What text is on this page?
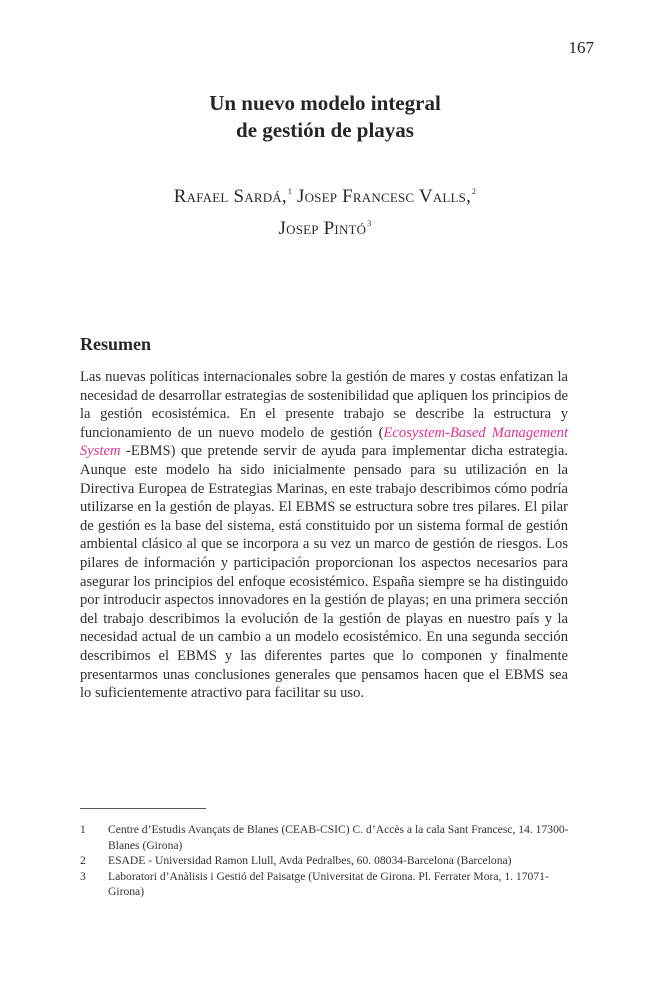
167
Un nuevo modelo integral
de gestión de playas
Rafael Sardá,$^1$ Josep Francesc Valls,$^2$
Josep Pintó$^3$
Resumen

Las nuevas políticas internacionales sobre la gestión de mares y costas enfatizan la necesidad de desarrollar estrategias de sostenibilidad que apliquen los principios de la gestión ecosistémica. En el presente trabajo se describe la estructura y funcionamiento de un nuevo modelo de gestión (Ecosystem-Based Management System -EBMS) que pretende servir de ayuda para implementar dicha estrategia. Aunque este modelo ha sido inicialmente pensado para su utilización en la Directiva Europea de Estrategias Marinas, en este trabajo describimos cómo podría utilizarse en la gestión de playas. El EBMS se estructura sobre tres pilares. El pilar de gestión es la base del sistema, está constituido por un sistema formal de gestión ambiental clásico al que se incorpora a su vez un marco de gestión de riesgos. Los pilares de información y participación proporcionan los aspectos necesarios para asegurar los principios del enfoque ecosistémico. España siempre se ha distinguido por introducir aspectos innovadores en la gestión de playas; en una primera sección del trabajo describimos la evolución de la gestión de playas en nuestro país y la necesidad actual de un cambio a un modelo ecosistémico. En una segunda sección describimos el EBMS y las diferentes partes que lo componen y finalmente presentarmos unas conclusiones generales que pensamos hacen que el EBMS sea lo suficientemente atractivo para facilitar su uso.

1 Centre d’Estudis Avançats de Blanes (CEAB-CSIC) C. d’Accès a la cala Sant Francesc, 14. 17300-Blanes (Girona)
2 ESADE - Universidad Ramon Llull, Avda Pedralbes, 60. 08034-Barcelona (Barcelona)
3 Laboratori d’Anàlisis i Gestió del Paisatge (Universitat de Girona. Pl. Ferrater Mora, 1. 17071-Girona)
